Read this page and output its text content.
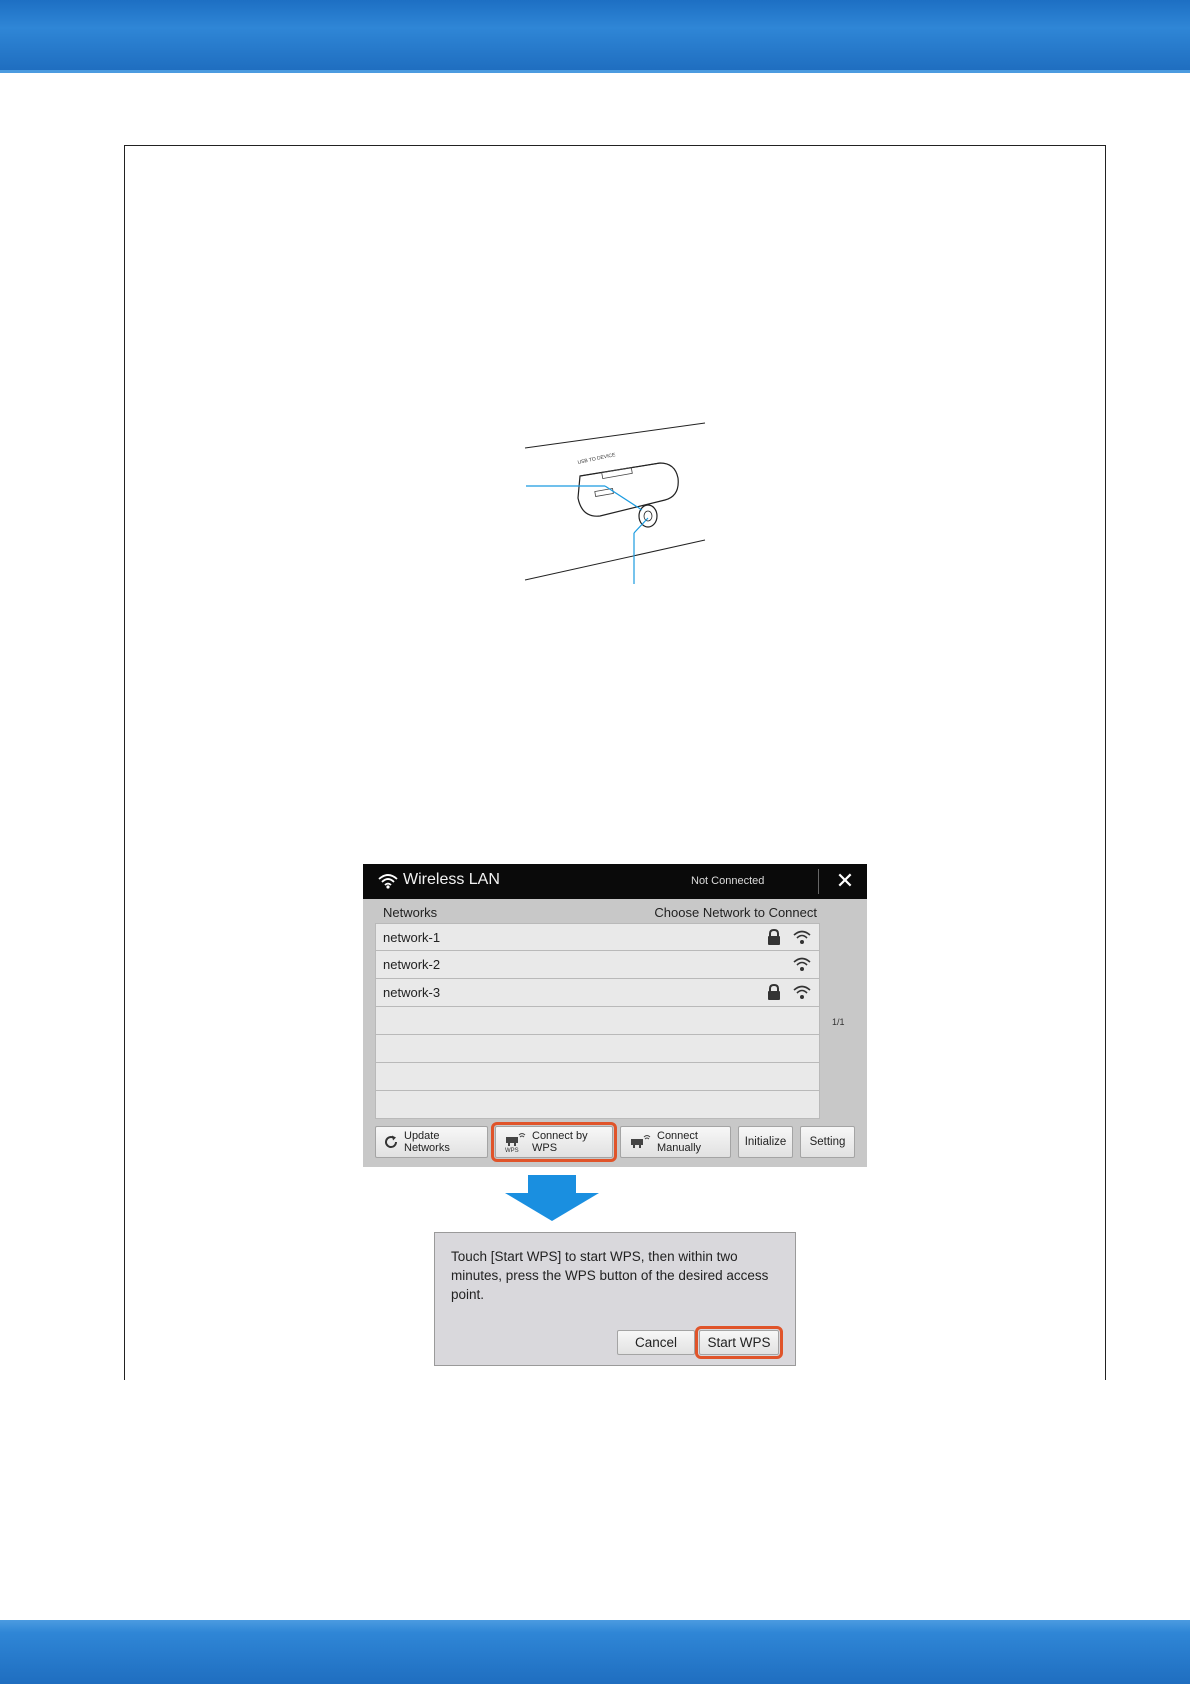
USB TO DEVICE
Wireless LAN	Not Connected	✕
Networks	Choose Network to Connect
network-1
network-2
network-3
1/1
Update Networks	WPS
Connect by WPS
Connect Manually	Initialize	Setting

Touch [Start WPS] to start WPS, then within two minutes, press the WPS button of the desired access point.

Cancel	Start WPS
